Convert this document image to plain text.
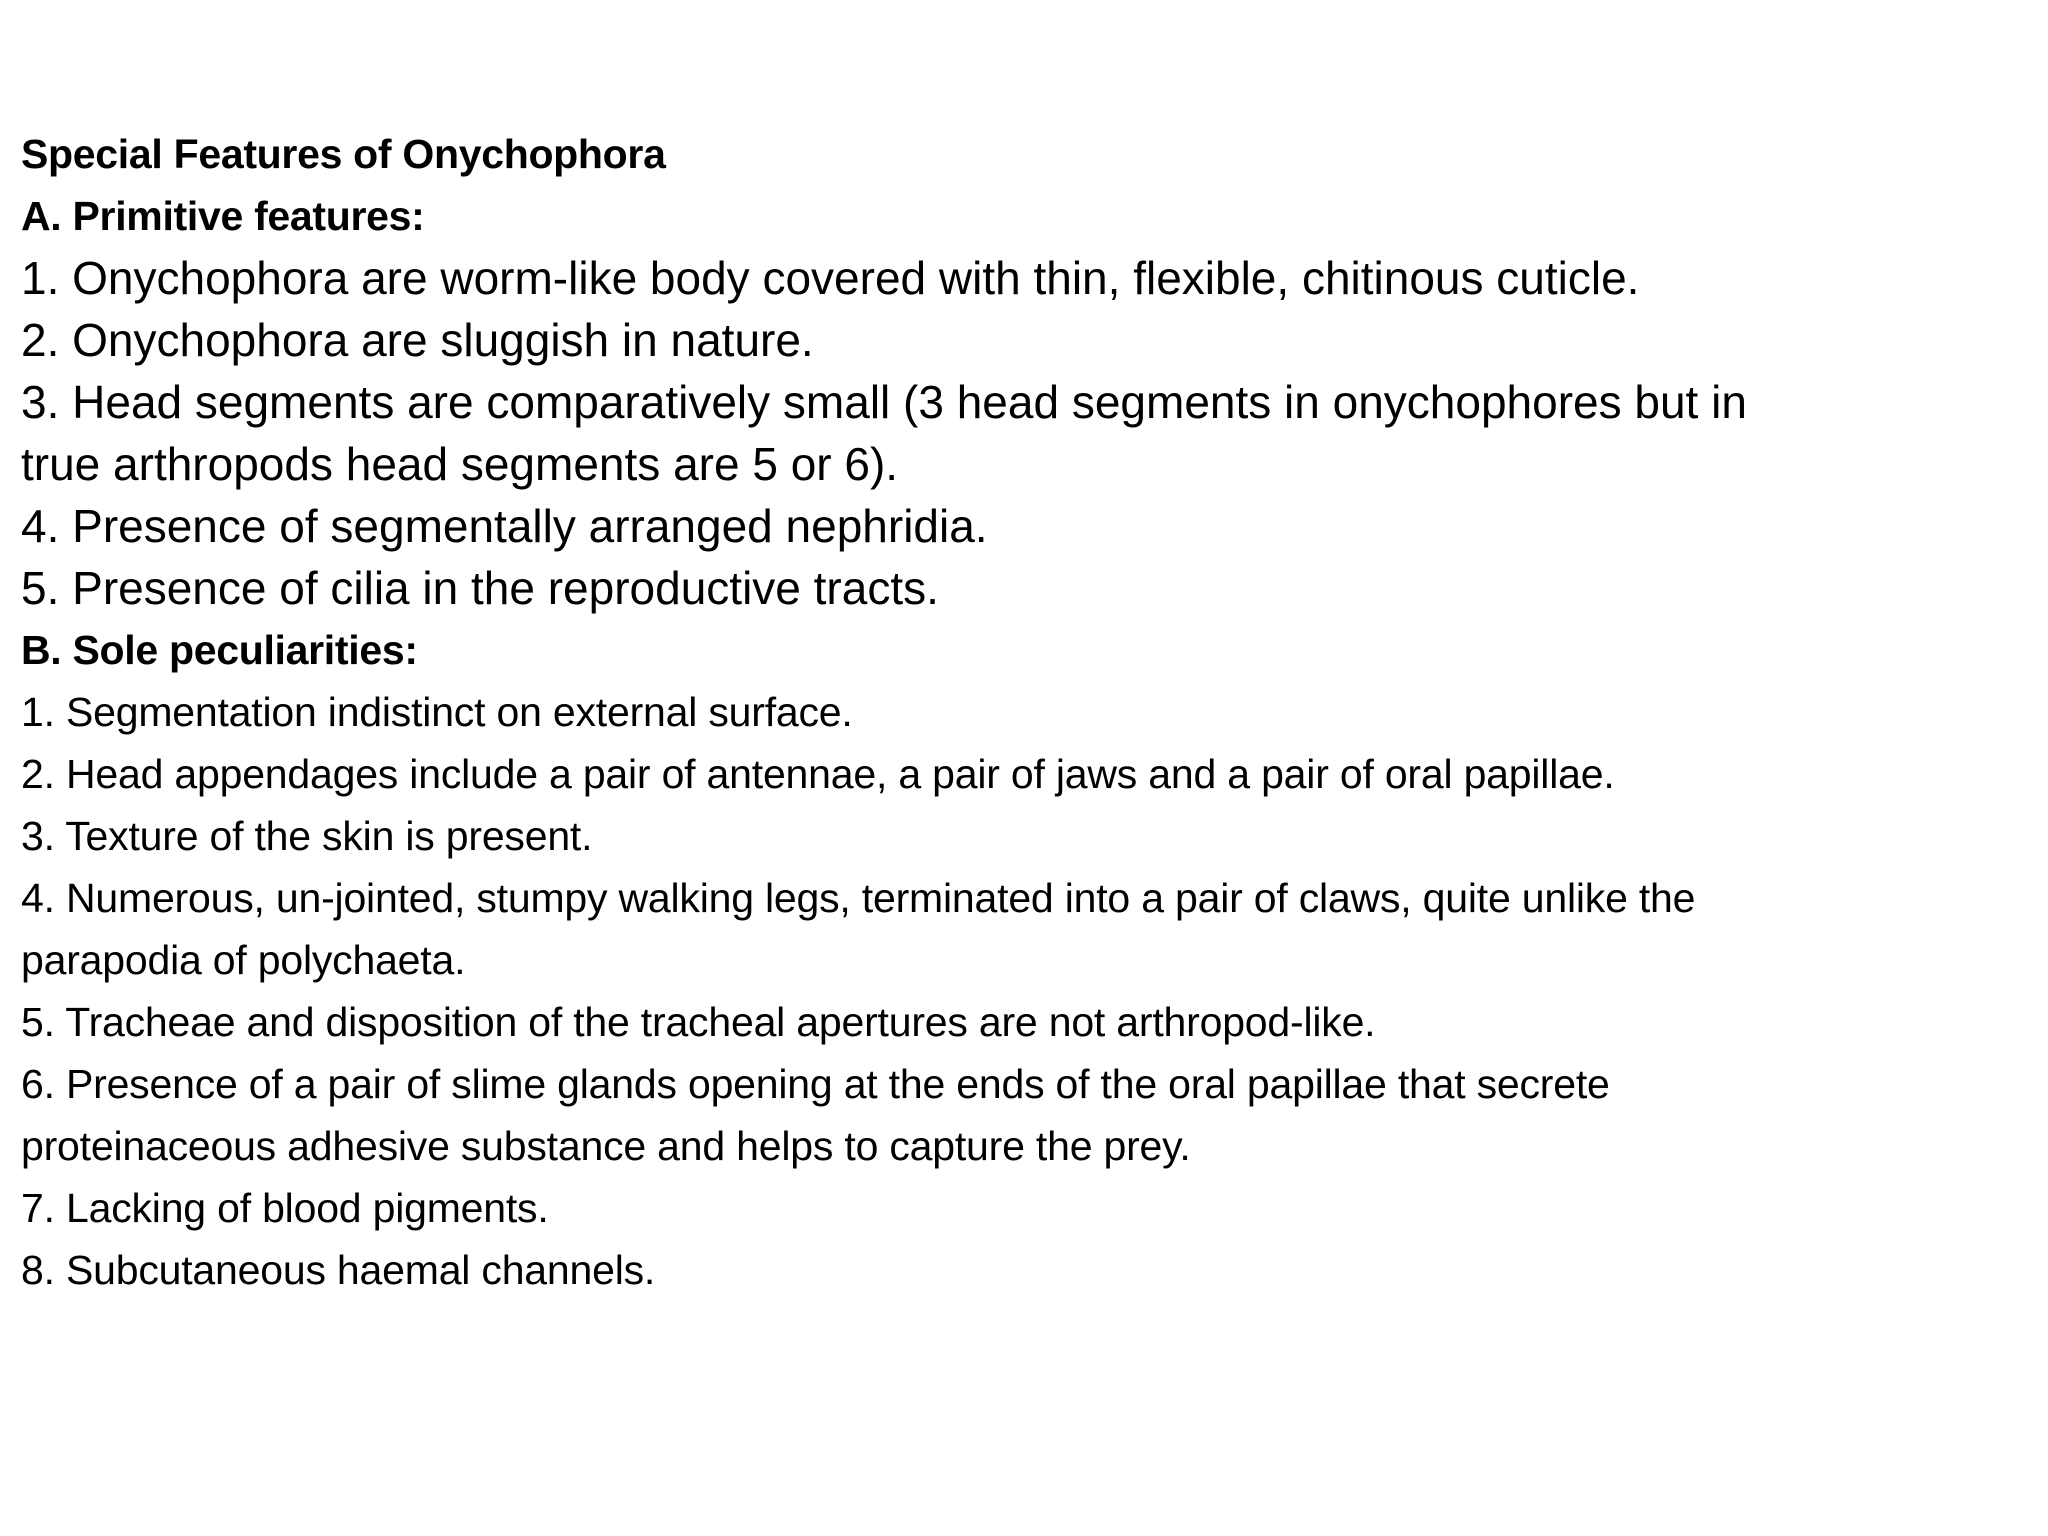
Special Features of Onychophora

A. Primitive features:

1. Onychophora are worm-like body covered with thin, flexible, chitinous cuticle.

2. Onychophora are sluggish in nature.

3. Head segments are comparatively small (3 head segments in onychophores but in

true arthropods head segments are 5 or 6).

4. Presence of segmentally arranged nephridia.

5. Presence of cilia in the reproductive tracts.

B. Sole peculiarities:

1. Segmentation indistinct on external surface.

2. Head appendages include a pair of antennae, a pair of jaws and a pair of oral papillae.

3. Texture of the skin is present.

4. Numerous, un-jointed, stumpy walking legs, terminated into a pair of claws, quite unlike the

parapodia of polychaeta.

5. Tracheae and disposition of the tracheal apertures are not arthropod-like.

6. Presence of a pair of slime glands opening at the ends of the oral papillae that secrete

proteinaceous adhesive substance and helps to capture the prey.

7. Lacking of blood pigments.

8. Subcutaneous haemal channels.
